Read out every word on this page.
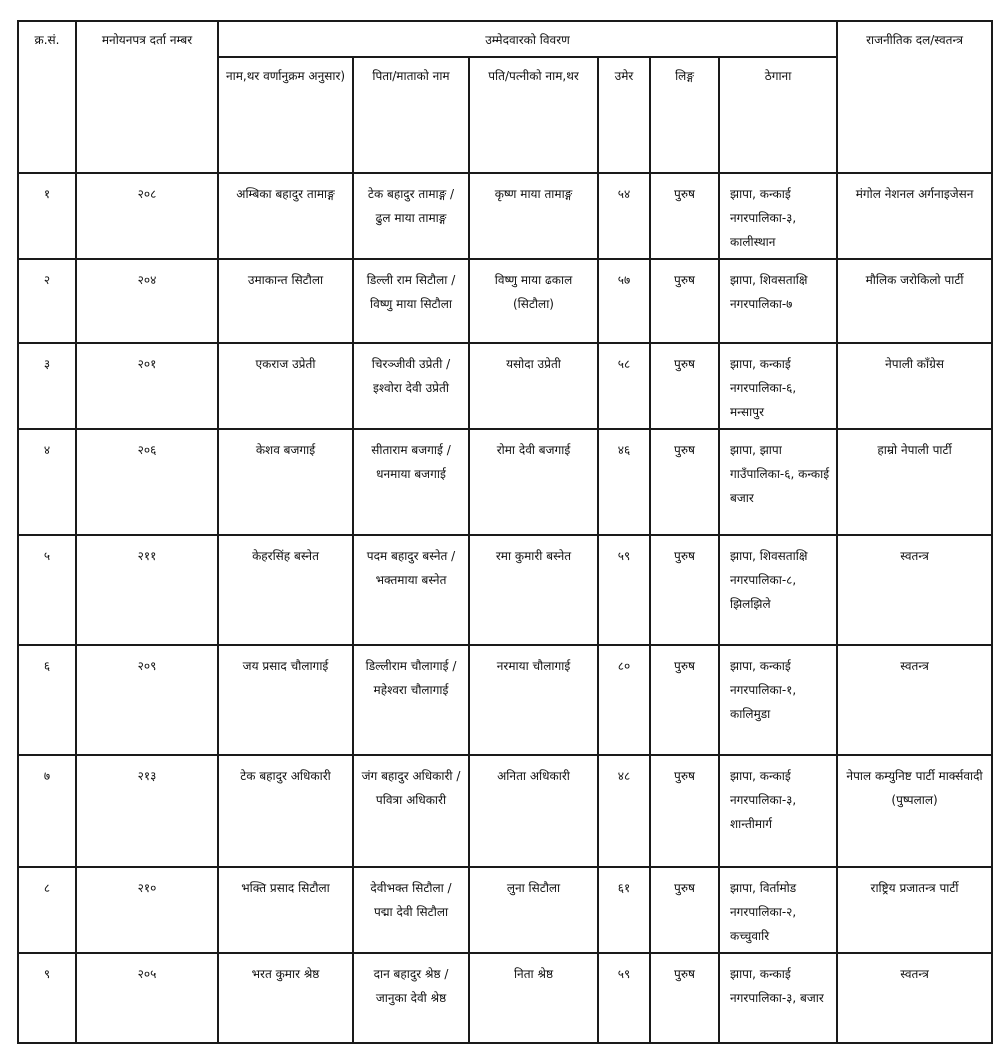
क्र.सं.	मनोयनपत्र दर्ता नम्बर	उम्मेदवारको विवरण						राजनीतिक दल/स्वतन्त्र
		नाम,थर वर्णानुक्रम अनुसार)	पिता/माताको नाम	पति/पत्नीको नाम,थर	उमेर	लिङ्ग	ठेगाना	
१	२०८	अम्बिका बहादुर तामाङ्ग	टेक बहादुर तामाङ्ग / ढुल माया तामाङ्ग	कृष्ण माया तामाङ्ग	५४	पुरुष	झापा, कन्काई नगरपालिका-३, कालीस्थान	मंगोल नेशनल अर्गनाइजेसन
२	२०४	उमाकान्त सिटौला	डिल्ली राम सिटौला / विष्णु माया सिटौला	विष्णु माया ढकाल (सिटौला)	५७	पुरुष	झापा, शिवसताक्षि नगरपालिका-७	मौलिक जरोकिलो पार्टी
३	२०१	एकराज उप्रेती	चिरञ्जीवी उप्रेती / इश्वोरा देवी उप्रेती	यसोदा उप्रेती	५८	पुरुष	झापा, कन्काई नगरपालिका-६, मन्सापुर	नेपाली काँग्रेस
४	२०६	केशव बजगाई	सीताराम बजगाई / धनमाया बजगाई	रोमा देवी बजगाई	४६	पुरुष	झापा, झापा गाउँपालिका-६, कन्काई बजार	हाम्रो नेपाली पार्टी
५	२११	केहरसिंह बस्नेत	पदम बहादुर बस्नेत / भक्तमाया बस्नेत	रमा कुमारी बस्नेत	५९	पुरुष	झापा, शिवसताक्षि नगरपालिका-८, झिलझिले	स्वतन्त्र
६	२०९	जय प्रसाद चौलागाई	डिल्लीराम चौलागाई / महेश्वरा चौलागाई	नरमाया चौलागाई	८०	पुरुष	झापा, कन्काई नगरपालिका-१, कालिमुडा	स्वतन्त्र
७	२१३	टेक बहादुर अधिकारी	जंग बहादुर अधिकारी / पवित्रा अधिकारी	अनिता अधिकारी	४८	पुरुष	झापा, कन्काई नगरपालिका-३, शान्तीमार्ग	नेपाल कम्युनिष्ट पार्टी मार्क्सवादी (पुष्पलाल)
८	२१०	भक्ति प्रसाद सिटौला	देवीभक्त सिटौला / पद्मा देवी सिटौला	लुना सिटौला	६१	पुरुष	झापा, विर्तामोड नगरपालिका-२, कच्चुवारि	राष्ट्रिय प्रजातन्त्र पार्टी
९	२०५	भरत कुमार श्रेष्ठ	दान बहादुर श्रेष्ठ / जानुका देवी श्रेष्ठ	निता श्रेष्ठ	५९	पुरुष	झापा, कन्काई नगरपालिका-३, बजार	स्वतन्त्र
